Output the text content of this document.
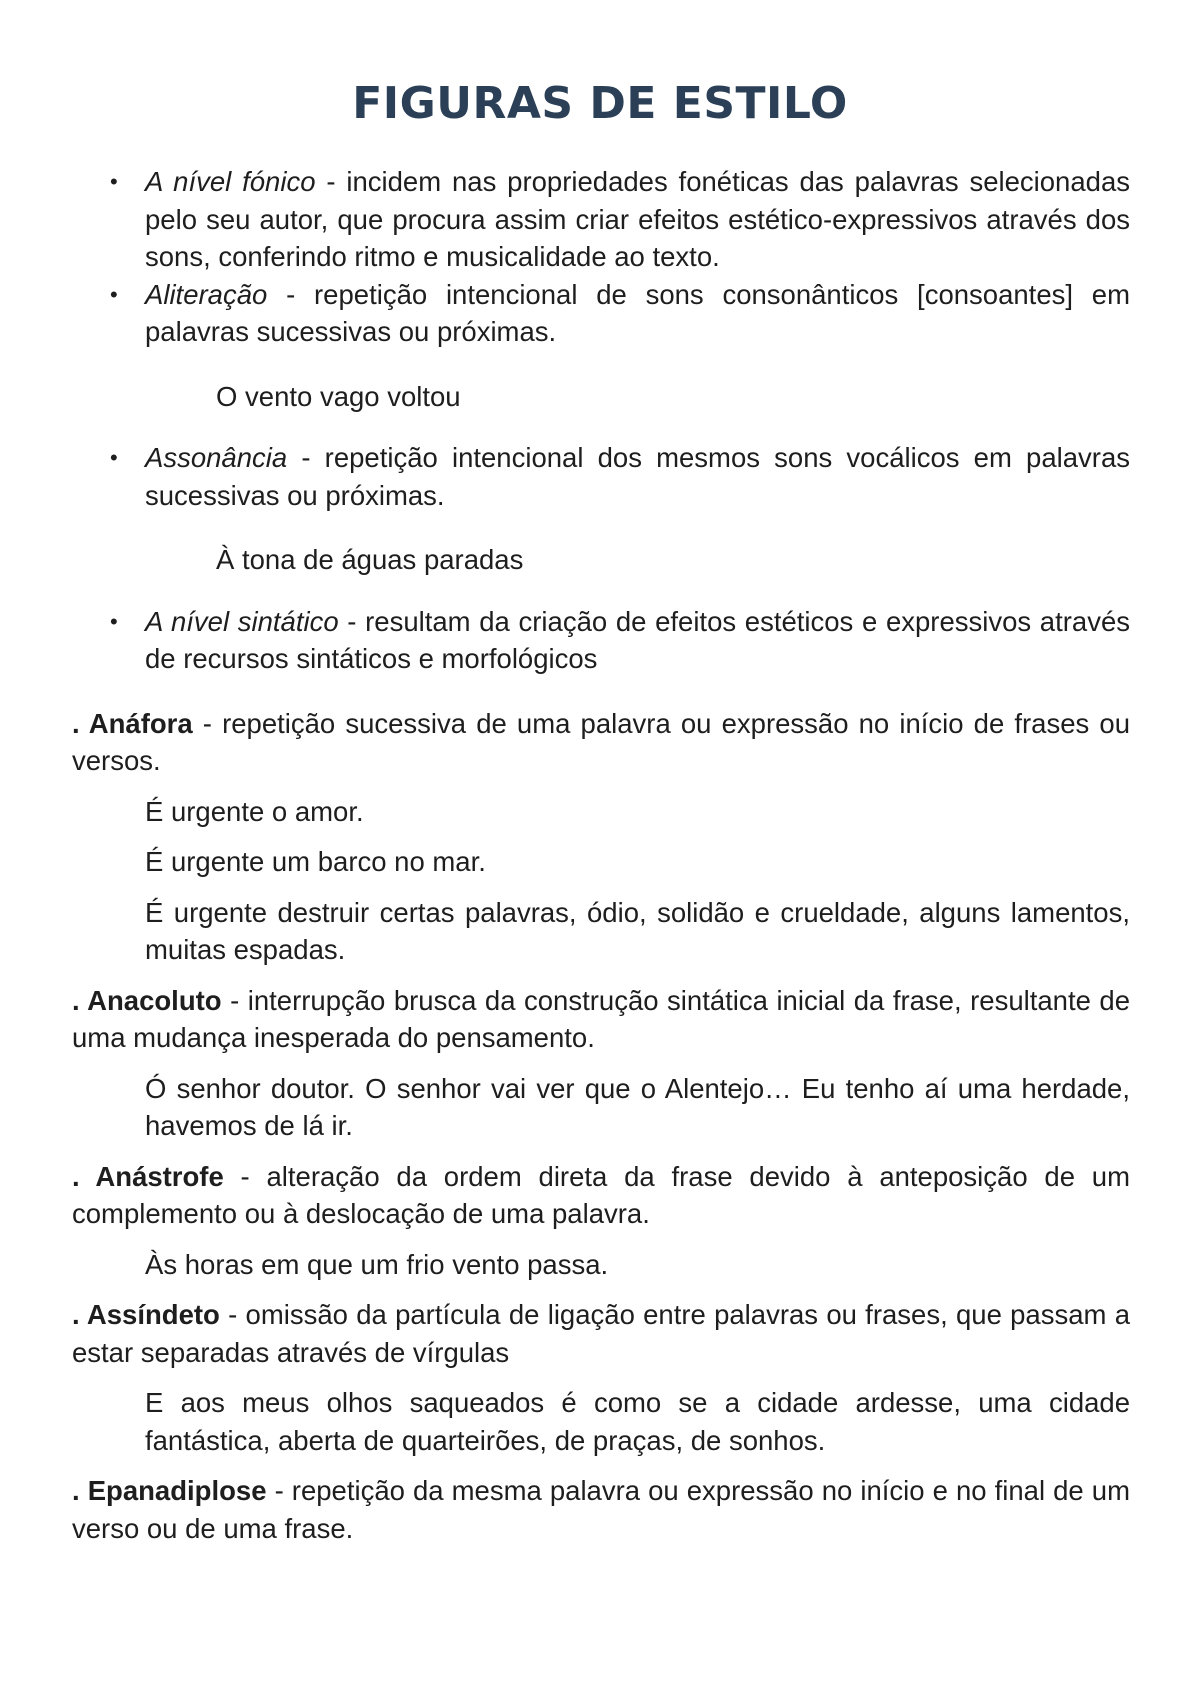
FIGURAS DE ESTILO
• A nível fónico - incidem nas propriedades fonéticas das palavras selecionadas pelo seu autor, que procura assim criar efeitos estético-expressivos através dos sons, conferindo ritmo e musicalidade ao texto.
• Aliteração - repetição intencional de sons consonânticos [consoantes] em palavras sucessivas ou próximas.
O vento vago voltou
• Assonância - repetição intencional dos mesmos sons vocálicos em palavras sucessivas ou próximas.
À tona de águas paradas
• A nível sintático - resultam da criação de efeitos estéticos e expressivos através de recursos sintáticos e morfológicos
. Anáfora - repetição sucessiva de uma palavra ou expressão no início de frases ou versos.
É urgente o amor.
É urgente um barco no mar.
É urgente destruir certas palavras, ódio, solidão e crueldade, alguns lamentos, muitas espadas.
. Anacoluto - interrupção brusca da construção sintática inicial da frase, resultante de uma mudança inesperada do pensamento.
Ó senhor doutor. O senhor vai ver que o Alentejo… Eu tenho aí uma herdade, havemos de lá ir.
. Anástrofe - alteração da ordem direta da frase devido à anteposição de um complemento ou à deslocação de uma palavra.
Às horas em que um frio vento passa.
. Assíndeto - omissão da partícula de ligação entre palavras ou frases, que passam a estar separadas através de vírgulas
E aos meus olhos saqueados é como se a cidade ardesse, uma cidade fantástica, aberta de quarteirões, de praças, de sonhos.
. Epanadiplose - repetição da mesma palavra ou expressão no início e no final de um verso ou de uma frase.
